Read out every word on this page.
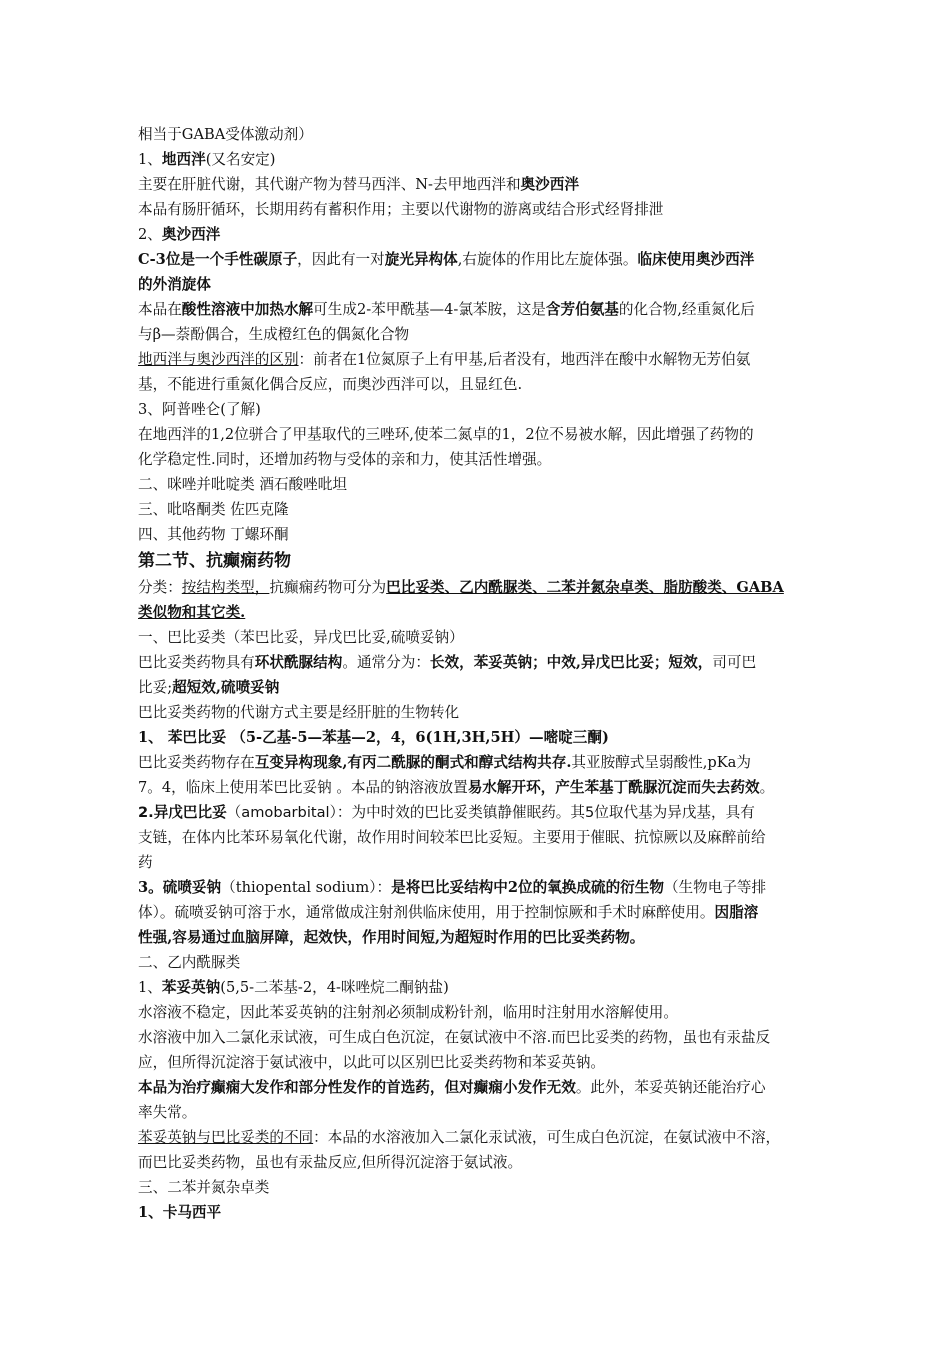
相当于GABA受体激动剂）
1、地西泮(又名安定)
主要在肝脏代谢，其代谢产物为替马西泮、N-去甲地西泮和奥沙西泮
本品有肠肝循环，长期用药有蓄积作用；主要以代谢物的游离或结合形式经肾排泄
2、奥沙西泮
C-3位是一个手性碳原子，因此有一对旋光异构体,右旋体的作用比左旋体强。临床使用奥沙西泮
的外消旋体
本品在酸性溶液中加热水解可生成2-苯甲酰基—4-氯苯胺，这是含芳伯氨基的化合物,经重氮化后
与β—萘酚偶合，生成橙红色的偶氮化合物
地西泮与奥沙西泮的区别：前者在1位氮原子上有甲基,后者没有，地西泮在酸中水解物无芳伯氨
基，不能进行重氮化偶合反应，而奥沙西泮可以，且显红色.
3、阿普唑仑(了解)
在地西泮的1,2位骈合了甲基取代的三唑环,使苯二氮卓的1，2位不易被水解，因此增强了药物的
化学稳定性.同时，还增加药物与受体的亲和力，使其活性增强。
二、咪唑并吡啶类 酒石酸唑吡坦
三、吡咯酮类 佐匹克隆
四、其他药物 丁螺环酮
第二节、抗癫痫药物
分类：按结构类型，抗癫痫药物可分为巴比妥类、乙内酰脲类、二苯并氮杂卓类、脂肪酸类、GABA
类似物和其它类.
一、巴比妥类（苯巴比妥，异戊巴比妥,硫喷妥钠）
巴比妥类药物具有环状酰脲结构。通常分为：长效，苯妥英钠；中效,异戊巴比妥；短效，司可巴
比妥;超短效,硫喷妥钠
巴比妥类药物的代谢方式主要是经肝脏的生物转化
1、 苯巴比妥 （5-乙基-5—苯基—2，4，6(1H,3H,5H）—嘧啶三酮)
巴比妥类药物存在互变异构现象,有丙二酰脲的酮式和醇式结构共存.其亚胺醇式呈弱酸性,pKa为
7。4，临床上使用苯巴比妥钠 。本品的钠溶液放置易水解开环，产生苯基丁酰脲沉淀而失去药效。
2.异戊巴比妥（amobarbital）：为中时效的巴比妥类镇静催眠药。其5位取代基为异戊基，具有
支链，在体内比苯环易氧化代谢，故作用时间较苯巴比妥短。主要用于催眠、抗惊厥以及麻醉前给
药
3。硫喷妥钠（thiopental sodium）：是将巴比妥结构中2位的氧换成硫的衍生物（生物电子等排
体）。硫喷妥钠可溶于水，通常做成注射剂供临床使用，用于控制惊厥和手术时麻醉使用。因脂溶
性强,容易通过血脑屏障，起效快，作用时间短,为超短时作用的巴比妥类药物。
二、乙内酰脲类
1、苯妥英钠(5,5-二苯基-2，4-咪唑烷二酮钠盐)
水溶液不稳定，因此苯妥英钠的注射剂必须制成粉针剂，临用时注射用水溶解使用。
水溶液中加入二氯化汞试液，可生成白色沉淀，在氨试液中不溶.而巴比妥类的药物，虽也有汞盐反
应，但所得沉淀溶于氨试液中，以此可以区别巴比妥类药物和苯妥英钠。
本品为治疗癫痫大发作和部分性发作的首选药，但对癫痫小发作无效。此外，苯妥英钠还能治疗心
率失常。
苯妥英钠与巴比妥类的不同：本品的水溶液加入二氯化汞试液，可生成白色沉淀，在氨试液中不溶，
而巴比妥类药物，虽也有汞盐反应,但所得沉淀溶于氨试液。
三、二苯并氮杂卓类
1、卡马西平
